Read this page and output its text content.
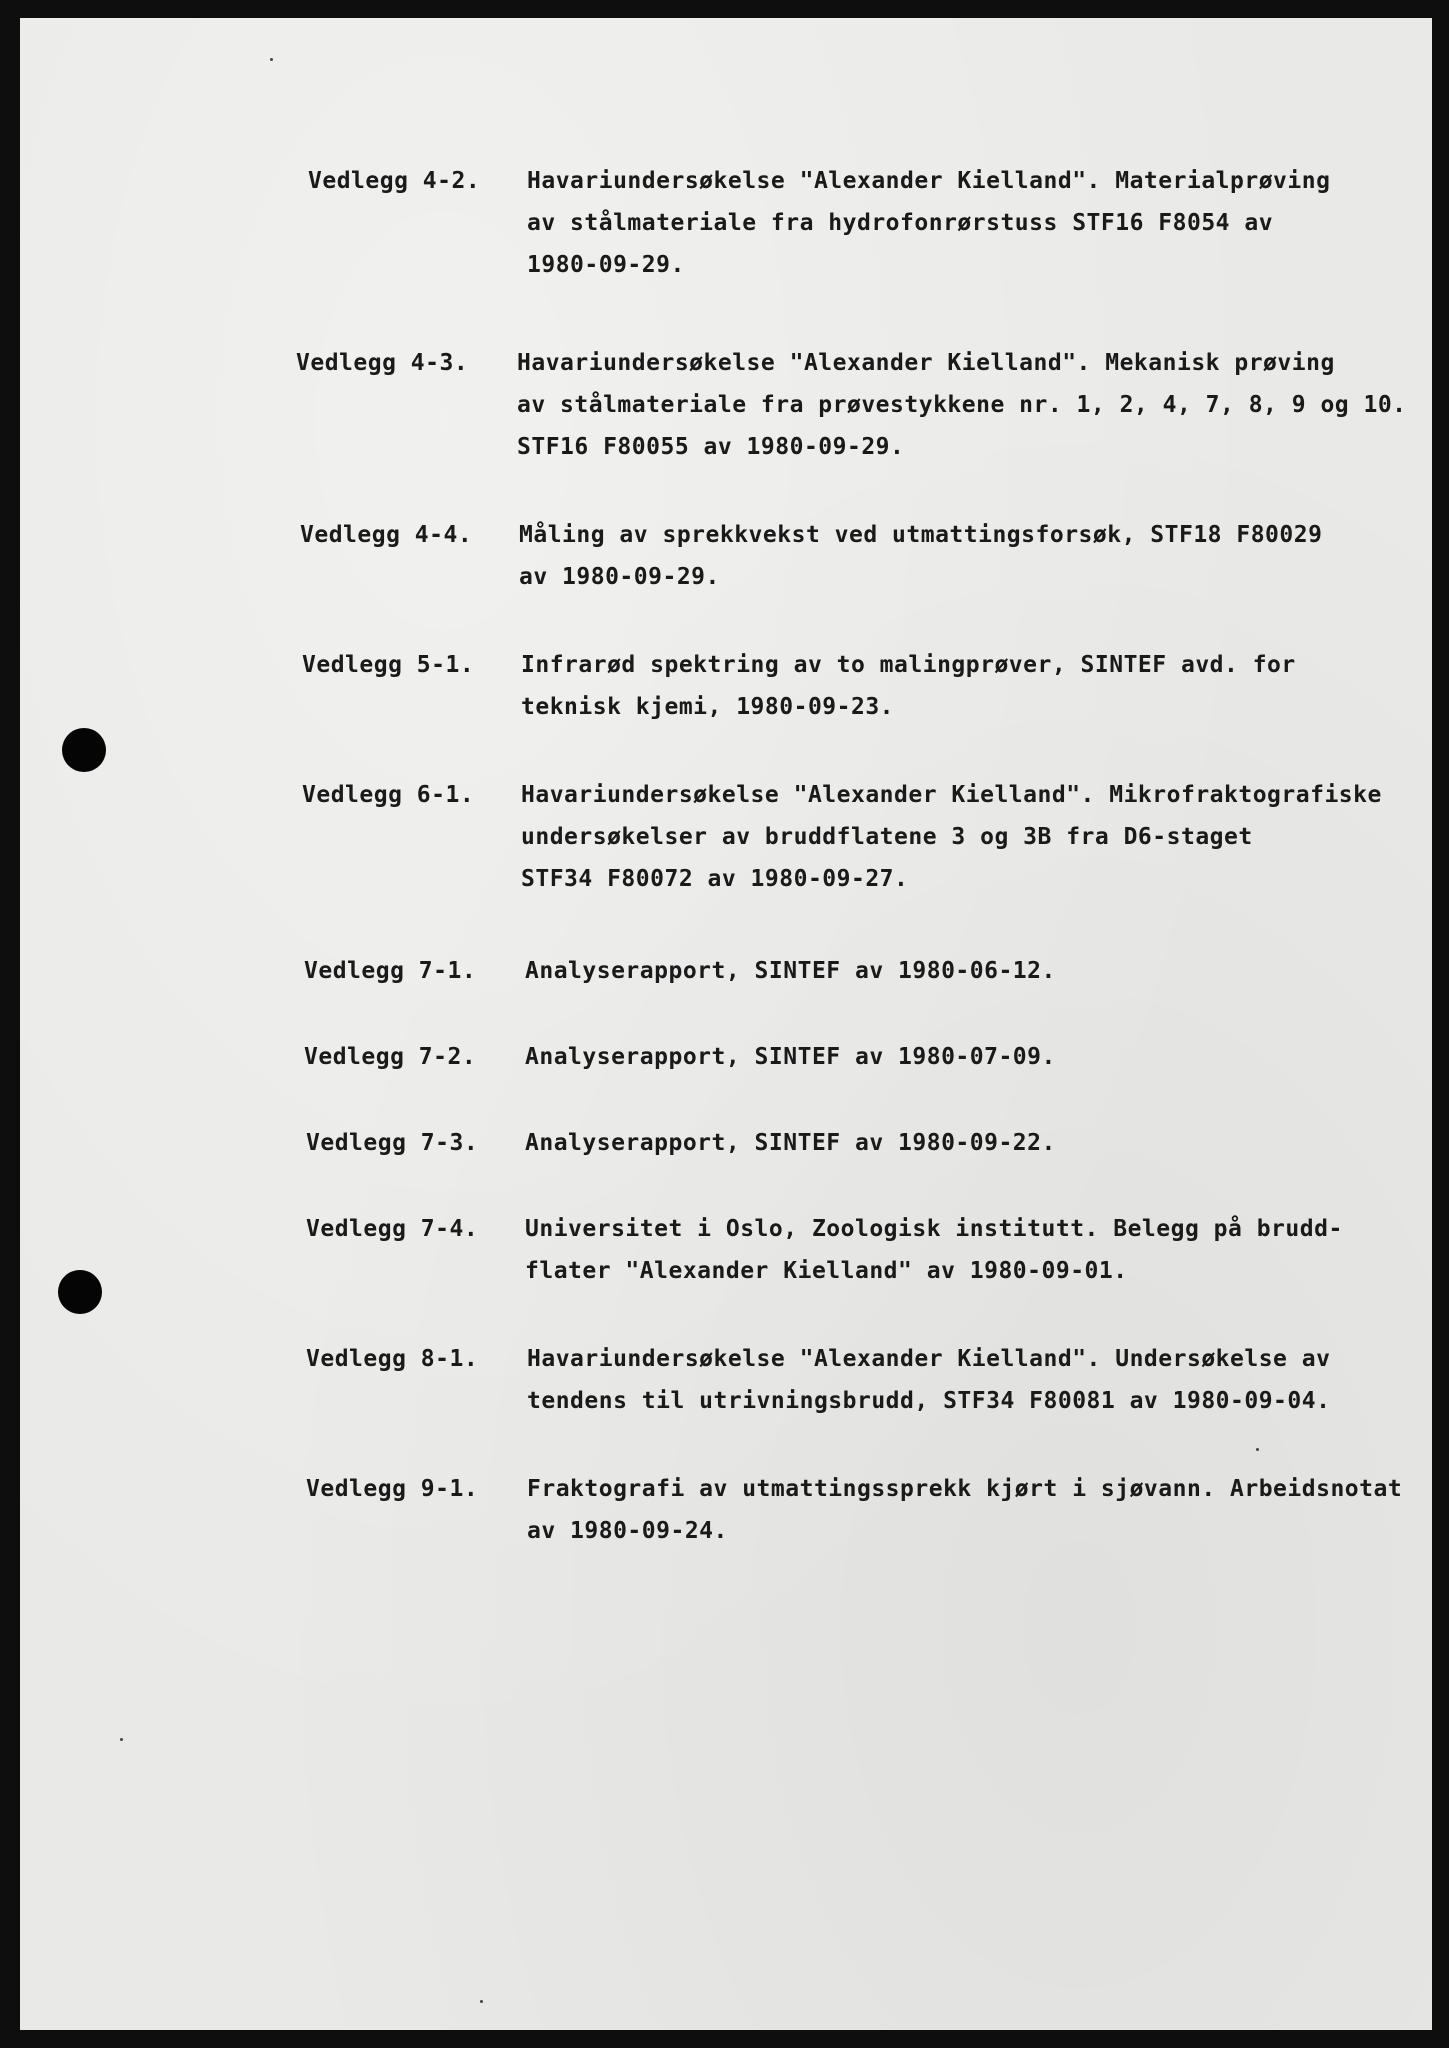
Vedlegg 4-2. Havariundersøkelse "Alexander Kielland". Materialprøving
av stålmateriale fra hydrofonrørstuss STF16 F8054 av
1980-09-29.
Vedlegg 4-3. Havariundersøkelse "Alexander Kielland". Mekanisk prøving
av stålmateriale fra prøvestykkene nr. 1, 2, 4, 7, 8, 9 og 10.
STF16 F80055 av 1980-09-29.
Vedlegg 4-4. Måling av sprekkvekst ved utmattingsforsøk, STF18 F80029
av 1980-09-29.
Vedlegg 5-1. Infrarød spektring av to malingprøver, SINTEF avd. for
teknisk kjemi, 1980-09-23.
Vedlegg 6-1. Havariundersøkelse "Alexander Kielland". Mikrofraktografiske
undersøkelser av bruddflatene 3 og 3B fra D6-staget
STF34 F80072 av 1980-09-27.
Vedlegg 7-1. Analyserapport, SINTEF av 1980-06-12.
Vedlegg 7-2. Analyserapport, SINTEF av 1980-07-09.
Vedlegg 7-3. Analyserapport, SINTEF av 1980-09-22.
Vedlegg 7-4. Universitet i Oslo, Zoologisk institutt. Belegg på brudd-
flater "Alexander Kielland" av 1980-09-01.
Vedlegg 8-1. Havariundersøkelse "Alexander Kielland". Undersøkelse av
tendens til utrivningsbrudd, STF34 F80081 av 1980-09-04.
Vedlegg 9-1. Fraktografi av utmattingssprekk kjørt i sjøvann. Arbeidsnotat
av 1980-09-24.
